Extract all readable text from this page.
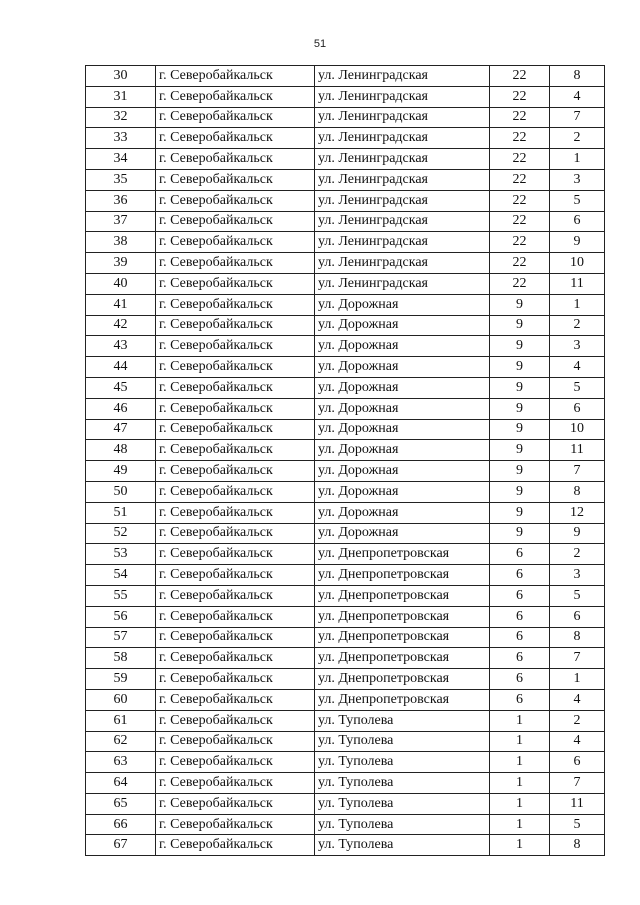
51
30	г. Северобайкальск	ул. Ленинградская	22	8
31	г. Северобайкальск	ул. Ленинградская	22	4
32	г. Северобайкальск	ул. Ленинградская	22	7
33	г. Северобайкальск	ул. Ленинградская	22	2
34	г. Северобайкальск	ул. Ленинградская	22	1
35	г. Северобайкальск	ул. Ленинградская	22	3
36	г. Северобайкальск	ул. Ленинградская	22	5
37	г. Северобайкальск	ул. Ленинградская	22	6
38	г. Северобайкальск	ул. Ленинградская	22	9
39	г. Северобайкальск	ул. Ленинградская	22	10
40	г. Северобайкальск	ул. Ленинградская	22	11
41	г. Северобайкальск	ул. Дорожная	9	1
42	г. Северобайкальск	ул. Дорожная	9	2
43	г. Северобайкальск	ул. Дорожная	9	3
44	г. Северобайкальск	ул. Дорожная	9	4
45	г. Северобайкальск	ул. Дорожная	9	5
46	г. Северобайкальск	ул. Дорожная	9	6
47	г. Северобайкальск	ул. Дорожная	9	10
48	г. Северобайкальск	ул. Дорожная	9	11
49	г. Северобайкальск	ул. Дорожная	9	7
50	г. Северобайкальск	ул. Дорожная	9	8
51	г. Северобайкальск	ул. Дорожная	9	12
52	г. Северобайкальск	ул. Дорожная	9	9
53	г. Северобайкальск	ул. Днепропетровская	6	2
54	г. Северобайкальск	ул. Днепропетровская	6	3
55	г. Северобайкальск	ул. Днепропетровская	6	5
56	г. Северобайкальск	ул. Днепропетровская	6	6
57	г. Северобайкальск	ул. Днепропетровская	6	8
58	г. Северобайкальск	ул. Днепропетровская	6	7
59	г. Северобайкальск	ул. Днепропетровская	6	1
60	г. Северобайкальск	ул. Днепропетровская	6	4
61	г. Северобайкальск	ул. Туполева	1	2
62	г. Северобайкальск	ул. Туполева	1	4
63	г. Северобайкальск	ул. Туполева	1	6
64	г. Северобайкальск	ул. Туполева	1	7
65	г. Северобайкальск	ул. Туполева	1	11
66	г. Северобайкальск	ул. Туполева	1	5
67	г. Северобайкальск	ул. Туполева	1	8
